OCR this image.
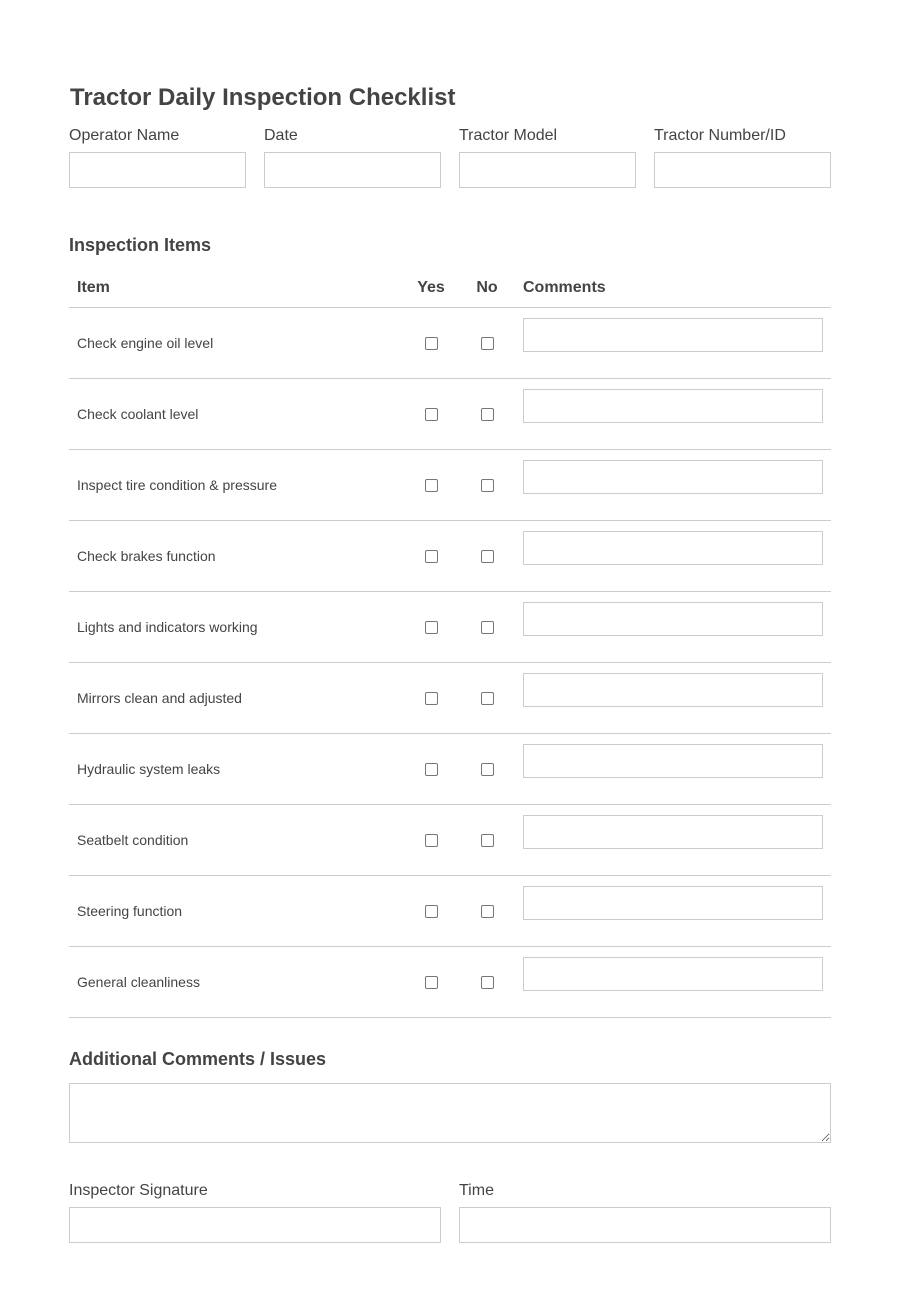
Tractor Daily Inspection Checklist
Operator Name	Date	Tractor Model	Tractor Number/ID
Inspection Items
Item	Yes	No	Comments
Check engine oil level			

Check coolant level			

Inspect tire condition & pressure			

Check brakes function			

Lights and indicators working			

Mirrors clean and adjusted			

Hydraulic system leaks			

Seatbelt condition			

Steering function			

General cleanliness			
Additional Comments / Issues
Inspector Signature	Time
